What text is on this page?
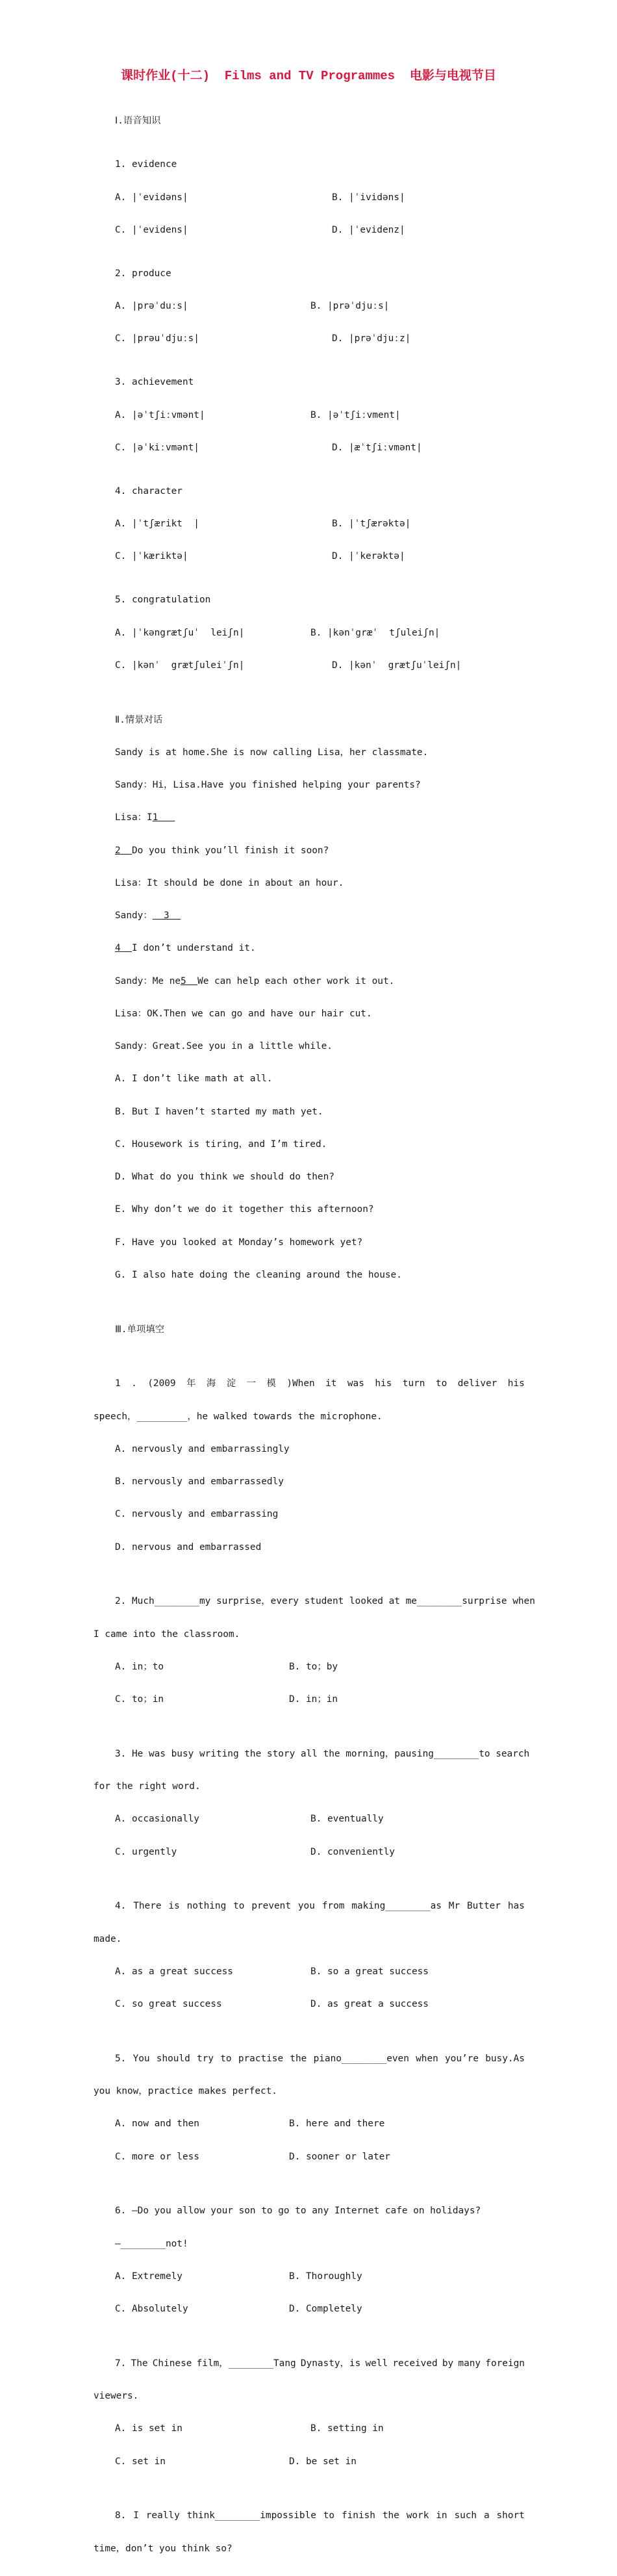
课时作业(十二)  Films and TV Programmes  电影与电视节目

Ⅰ.语音知识

1. evidence

A. |ˈevidəns|	B. |ˈividəns|

C. |ˈevidens|	D. |ˈevidenz|

2. produce

A. |prəˈduːs|	B. |prəˈdjuːs|

C. |prəuˈdjuːs|	D. |prəˈdjuːz|

3. achievement

A. |əˈtʃiːvmənt|	B. |əˈtʃiːvment|

C. |əˈkiːvmənt|	D. |æˈtʃiːvmənt|

4. character

A. |ˈtʃærikt  |	B. |ˈtʃærəktə|

C. |ˈkæriktə|	D. |ˈkerəktə|

5. congratulation

A. |ˈkəngrætʃuˈ  leiʃn|	B. |kənˈgræˈ  tʃuleiʃn|

C. |kənˈ  grætʃuleiˈʃn|	D. |kənˈ  grætʃuˈleiʃn|

Ⅱ.情景对话

Sandy is at home.She is now calling Lisa，her classmate.

Sandy：Hi，Lisa.Have you finished helping your parents?

Lisa：I1

2 Do you think you’ll finish it soon?

Lisa：It should be done in about an hour.

Sandy： 3

4 I don’t understand it.

Sandy：Me ne5 We can help each other work it out.

Lisa：OK.Then we can go and have our hair cut.

Sandy：Great.See you in a little while.

A. I don’t like math at all.

B. But I haven’t started my math yet.

C. Housework is tiring，and I’m tired.

D. What do you think we should do then?

E. Why don’t we do it together this afternoon?

F. Have you looked at Monday’s homework yet?

G. I also hate doing the cleaning around the house.

Ⅲ.单项填空

1 . (2009 年 海 淀 一 模 )When it was his turn to deliver his

speech，_________，he walked towards the microphone.

A. nervously and embarrassingly

B. nervously and embarrassedly

C. nervously and embarrassing

D. nervous and embarrassed

2. Much________my surprise，every student looked at me________surprise when

I came into the classroom.

A. in；to	B. to；by

C. to；in	D. in；in

3. He was busy writing the story all the morning，pausing________to search

for the right word.

A. occasionally	B. eventually

C. urgently	D. conveniently

4. There is nothing to prevent you from making________as Mr Butter has

made.

A. as a great success	B. so a great success

C. so great success	D. as great a success

5. You should try to practise the piano________even when you’re busy.As

you know，practice makes perfect.

A. now and then	B. here and there

C. more or less	D. sooner or later

6. —Do you allow your son to go to any Internet cafe on holidays?

—________not!

A. Extremely	B. Thoroughly

C. Absolutely	D. Completely

7. The Chinese film，________Tang Dynasty，is well received by many foreign

viewers.

A. is set in	B. setting in

C. set in	D. be set in

8. I really think________impossible to finish the work in such a short

time，don’t you think so?
